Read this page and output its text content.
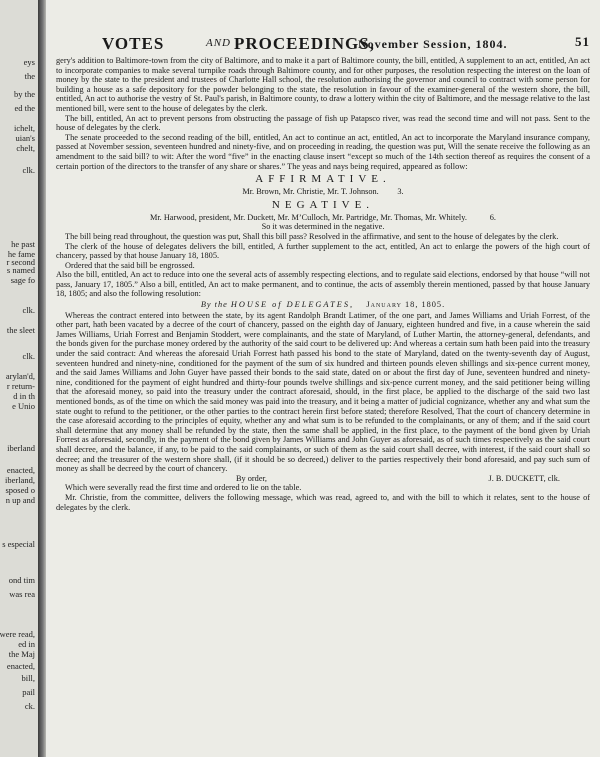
eys
the
by the
ed the
ichelt,
uian's
chelt,
clk.
he past
he fame
r second
s named
sage fo
clk.
the sleet
clk.
arylan'd,
r return-
d in th
e Unio
iberland
enacted,
iberland,
sposed o
n up and
s especial
ond tim
was rea
were read,
ed in
the Maj
enacted,
bill,
pail
ck.
VOTES	AND PROCEEDINGS,
November Session, 1804.	51

gery's addition to Baltimore-town from the city of Baltimore, and to make it a part of Baltimore county, the bill, entitled, A supplement to an act, entitled, An act to incorporate companies to make several turnpike roads through Baltimore county, and for other purposes, the resolution respecting the interest on the loan of money by the state to the president and trustees of Charlotte Hall school, the resolution authorising the governor and council to contract with some person for building a house as a safe depository for the powder belonging to the state, the resolution in favour of the examiner-general of the western shore, the bill, entitled, An act to authorise the vestry of St. Paul's parish, in Baltimore county, to draw a lottery within the city of Baltimore, and the message relative to the last mentioned bill, were sent to the house of delegates by the clerk.

The bill, entitled, An act to prevent persons from obstructing the passage of fish up Patapsco river, was read the second time and will not pass. Sent to the house of delegates by the clerk.

The senate proceeded to the second reading of the bill, entitled, An act to continue an act, entitled, An act to incorporate the Maryland insurance company, passed at November session, seventeen hundred and ninety-five, and on proceeding in reading, the question was put, Will the senate receive the following as an amendment to the said bill? to wit: After the word “five” in the enacting clause insert “except so much of the 14th section thereof as requires the consent of a certain portion of the directors to the transfer of any share or shares.” The yeas and nays being required, appeared as follow:

AFFIRMATIVE.

Mr. Brown, Mr. Christie, Mr. T. Johnson. 3.

NEGATIVE.

Mr. Harwood, president, Mr. Duckett, Mr. M’Culloch, Mr. Partridge, Mr. Thomas, Mr. Whitely.	6.

So it was determined in the negative.

The bill being read throughout, the question was put, Shall this bill pass? Resolved in the affirmative, and sent to the house of delegates by the clerk.

The clerk of the house of delegates delivers the bill, entitled, A further supplement to the act, entitled, An act to enlarge the powers of the high court of chancery, passed by that house January 18, 1805.

Ordered that the said bill be engrossed.

Also the bill, entitled, An act to reduce into one the several acts of assembly respecting elections, and to regulate said elections, endorsed by that house “will not pass, January 17, 1805.” Also a bill, entitled, An act to make permanent, and to continue, the acts of assembly therein mentioned, passed by that house January 18, 1805; and also the following resolution:

By the HOUSE of DELEGATES, January 18, 1805.

Whereas the contract entered into between the state, by its agent Randolph Brandt Latimer, of the one part, and James Williams and Uriah Forrest, of the other part, hath been vacated by a decree of the court of chancery, passed on the eighth day of January, eighteen hundred and five, in a cause wherein the said James Williams, Uriah Forrest and Benjamin Stoddert, were complainants, and the state of Maryland, of Luther Martin, the attorney-general, defendants, and the bonds given for the purchase money ordered by the authority of the said court to be delivered up: And whereas a certain sum hath been paid into the treasury under the said contract: And whereas the aforesaid Uriah Forrest hath passed his bond to the state of Maryland, dated on the twenty-seventh day of August, seventeen hundred and ninety-nine, conditioned for the payment of the sum of six hundred and thirteen pounds eleven shillings and six-pence current money, and the said James Williams and John Guyer have passed their bonds to the said state, dated on or about the first day of June, seventeen hundred and ninety-nine, conditioned for the payment of eight hundred and thirty-four pounds twelve shillings and six-pence current money, and the said petitioner being willing that the aforesaid money, so paid into the treasury under the contract aforesaid, should, in the first place, be applied to the discharge of the said two last mentioned bonds, as of the time on which the said money was paid into the treasury, and it being a matter of judicial cognizance, whether any and what sum the state ought to refund to the petitioner, or the other parties to the contract herein first before stated; therefore Resolved, That the court of chancery determine in the case aforesaid according to the principles of equity, whether any and what sum is to be refunded to the complainants, or any of them; and if the said court shall determine that any money shall be refunded by the state, then the same shall be applied, in the first place, to the payment of the bond given by Uriah Forrest as aforesaid, secondly, in the payment of the bond given by James Williams and John Guyer as aforesaid, as of such times respectively as the said court shall decree, and the balance, if any, to be paid to the said complainants, or such of them as the said court shall decree, with interest, if the said court shall so decree; and the treasurer of the western shore shall, (if it should be so decreed,) deliver to the parties respectively their bond aforesaid, and pay such sum of money as shall be decreed by the court of chancery.

By order,	J. B. DUCKETT, clk.

Which were severally read the first time and ordered to lie on the table.

Mr. Christie, from the committee, delivers the following message, which was read, agreed to, and with the bill to which it relates, sent to the house of delegates by the clerk.
